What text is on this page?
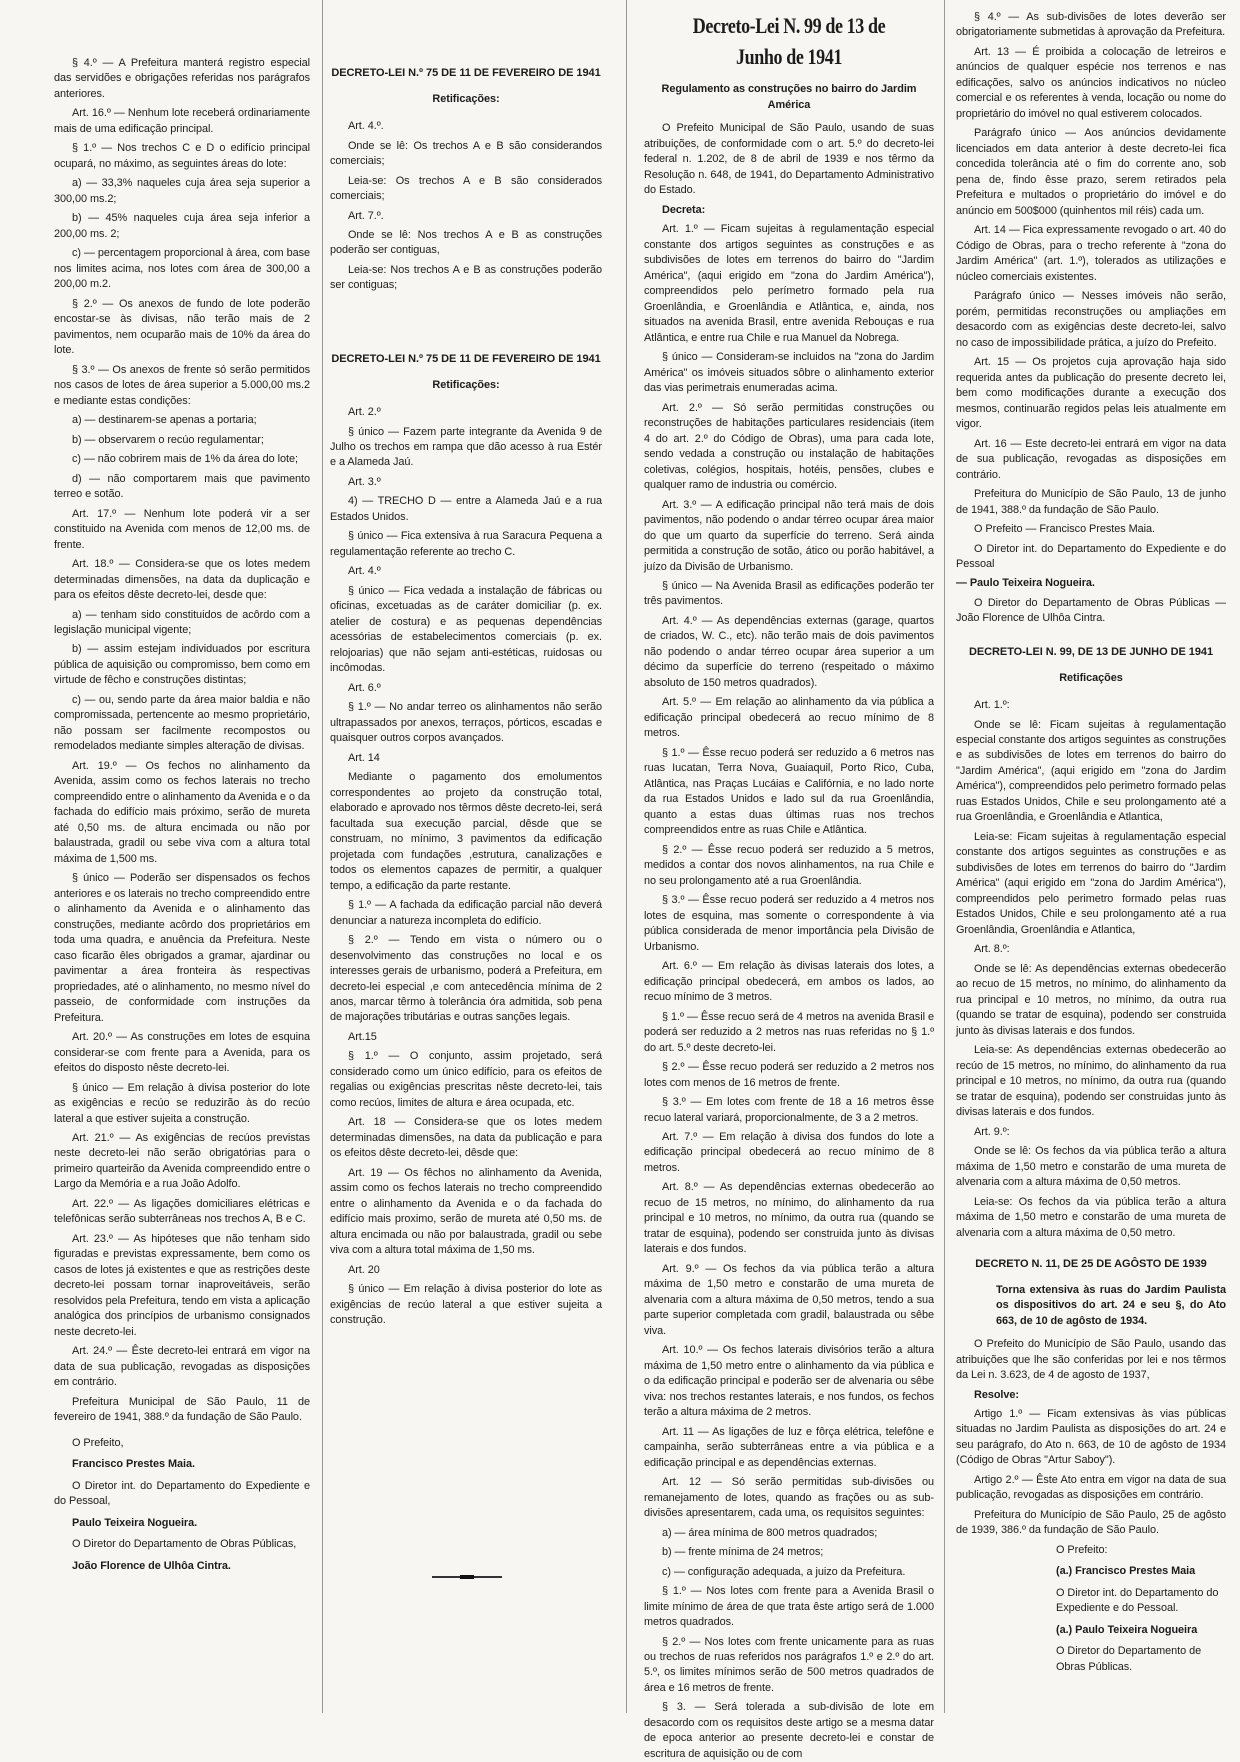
§ 4.º — A Prefeitura manterá registro especial das servidões e obrigações referidas nos parágrafos anteriores.

Art. 16.º — Nenhum lote receberá ordinariamente mais de uma edificação principal.

§ 1.º — Nos trechos C e D o edifício principal ocupará, no máximo, as seguintes áreas do lote:

a) — 33,3% naqueles cuja área seja superior a 300,00 ms.2;

b) — 45% naqueles cuja área seja inferior a 200,00 ms. 2;

c) — percentagem proporcional à área, com base nos limites acima, nos lotes com área de 300,00 a 200,00 m.2.

§ 2.º — Os anexos de fundo de lote poderão encostar-se às divisas, não terão mais de 2 pavimentos, nem ocuparão mais de 10% da área do lote.

§ 3.º — Os anexos de frente só serão permitidos nos casos de lotes de área superior a 5.000,00 ms.2 e mediante estas condições:

a) — destinarem-se apenas a portaria;

b) — observarem o recúo regulamentar;

c) — não cobrirem mais de 1% da área do lote;

d) — não comportarem mais que pavimento terreo e sotão.

Art. 17.º — Nenhum lote poderá vir a ser constituido na Avenida com menos de 12,00 ms. de frente.

Art. 18.º — Considera-se que os lotes medem determinadas dimensões, na data da duplicação e para os efeitos dêste decreto-lei, desde que:

a) — tenham sido constituidos de acôrdo com a legislação municipal vigente;

b) — assim estejam individuados por escritura pública de aquisição ou compromisso, bem como em virtude de fêcho e construções distintas;

c) — ou, sendo parte da área maior baldia e não compromissada, pertencente ao mesmo proprietário, não possam ser facilmente recompostos ou remodelados mediante simples alteração de divisas.

Art. 19.º — Os fechos no alinhamento da Avenida, assim como os fechos laterais no trecho compreendido entre o alinhamento da Avenida e o da fachada do edifício mais próximo, serão de mureta até 0,50 ms. de altura encimada ou não por balaustrada, gradil ou sebe viva com a altura total máxima de 1,500 ms.

§ único — Poderão ser dispensados os fechos anteriores e os laterais no trecho compreendido entre o alinhamento da Avenida e o alinhamento das construções, mediante acôrdo dos proprietários em toda uma quadra, e anuência da Prefeitura. Neste caso ficarão êles obrigados a gramar, ajardinar ou pavimentar a área fronteira às respectivas propriedades, até o alinhamento, no mesmo nível do passeio, de conformidade com instruções da Prefeitura.

Art. 20.º — As construções em lotes de esquina considerar-se com frente para a Avenida, para os efeitos do disposto nêste decreto-lei.

§ único — Em relação à divisa posterior do lote as exigências e recúo se reduzirão às do recúo lateral a que estiver sujeita a construção.

Art. 21.º — As exigências de recúos previstas neste decreto-lei não serão obrigatórias para o primeiro quarteirão da Avenida compreendido entre o Largo da Memória e a rua João Adolfo.

Art. 22.º — As ligações domiciliares elétricas e telefônicas serão subterrâneas nos trechos A, B e C.

Art. 23.º — As hipóteses que não tenham sido figuradas e previstas expressamente, bem como os casos de lotes já existentes e que as restrições deste decreto-lei possam tornar inaproveitáveis, serão resolvidos pela Prefeitura, tendo em vista a aplicação analógica dos princípios de urbanismo consignados neste decreto-lei.

Art. 24.º — Êste decreto-lei entrará em vigor na data de sua publicação, revogadas as disposições em contrário.

Prefeitura Municipal de São Paulo, 11 de fevereiro de 1941, 388.º da fundação de São Paulo.

O Prefeito,

Francisco Prestes Maia.

O Diretor int. do Departamento do Expediente e do Pessoal,

Paulo Teixeira Nogueira.

O Diretor do Departamento de Obras Públicas,

João Florence de Ulhôa Cintra.

DECRETO-LEI N.º 75 DE 11 DE FEVEREIRO DE 1941

Retificações:

Art. 4.º.

Onde se lê: Os trechos A e B são considerandos comerciais;

Leia-se: Os trechos A e B são considerados comerciais;

Art. 7.º.

Onde se lê: Nos trechos A e B as construções poderão ser contiguas,

Leia-se: Nos trechos A e B as construções poderão ser contiguas;

DECRETO-LEI N.º 75 DE 11 DE FEVEREIRO DE 1941

Retificações:

Art. 2.º

§ único — Fazem parte integrante da Avenida 9 de Julho os trechos em rampa que dão acesso à rua Estér e a Alameda Jaú.

Art. 3.º

4) — TRECHO D — entre a Alameda Jaú e a rua Estados Unidos.

§ único — Fica extensiva à rua Saracura Pequena a regulamentação referente ao trecho C.

Art. 4.º

§ único — Fica vedada a instalação de fábricas ou oficinas, excetuadas as de caráter domiciliar (p. ex. atelier de costura) e as pequenas dependências acessórias de estabelecimentos comerciais (p. ex. relojoarias) que não sejam anti-estéticas, ruidosas ou incômodas.

Art. 6.º

§ 1.º — No andar terreo os alinhamentos não serão ultrapassados por anexos, terraços, pórticos, escadas e quaisquer outros corpos avançados.

Art. 14

Mediante o pagamento dos emolumentos correspondentes ao projeto da construção total, elaborado e aprovado nos têrmos dêste decreto-lei, será facultada sua execução parcial, dêsde que se construam, no mínimo, 3 pavimentos da edificação projetada com fundações ,estrutura, canalizações e todos os elementos capazes de permitir, a qualquer tempo, a edificação da parte restante.

§ 1.º — A fachada da edificação parcial não deverá denunciar a natureza incompleta do edifício.

§ 2.º — Tendo em vista o número ou o desenvolvimento das construções no local e os interesses gerais de urbanismo, poderá a Prefeitura, em decreto-lei especial ,e com antecedência mínima de 2 anos, marcar têrmo à tolerância óra admitida, sob pena de majorações tributárias e outras sanções legais.

Art.15

§ 1.º — O conjunto, assim projetado, será considerado como um único edifício, para os efeitos de regalias ou exigências prescritas nêste decreto-lei, tais como recúos, limites de altura e área ocupada, etc.

Art. 18 — Considera-se que os lotes medem determinadas dimensões, na data da publicação e para os efeitos dêste decreto-lei, dêsde que:

Art. 19 — Os fêchos no alinhamento da Avenida, assim como os fechos laterais no trecho compreendido entre o alinhamento da Avenida e o da fachada do edifício mais proximo, serão de mureta até 0,50 ms. de altura encimada ou não por balaustrada, gradil ou sebe viva com a altura total máxima de 1,50 ms.

Art. 20

§ único — Em relação à divisa posterior do lote as exigências de recúo lateral a que estiver sujeita a construção.

Decreto-Lei N. 99 de 13 de Junho de 1941

Regulamento as construções no bairro do Jardim América

O Prefeito Municipal de São Paulo, usando de suas atribuições, de conformidade com o art. 5.º do decreto-lei federal n. 1.202, de 8 de abril de 1939 e nos têrmo da Resolução n. 648, de 1941, do Departamento Administrativo do Estado.

Decreta:

Art. 1.º — Ficam sujeitas à regulamentação especial constante dos artigos seguintes as construções e as subdivisões de lotes em terrenos do bairro do "Jardim América", (aqui erigido em "zona do Jardim América"), compreendidos pelo perímetro formado pela rua Groenlândia, e Groenlândia e Atlântica, e, ainda, nos situados na avenida Brasil, entre avenida Rebouças e rua Atlântica, e entre rua Chile e rua Manuel da Nobrega.

§ único — Consideram-se incluidos na "zona do Jardim América" os imóveis situados sôbre o alinhamento exterior das vias perimetrais enumeradas acima.

Art. 2.º — Só serão permitidas construções ou reconstruções de habitações particulares residenciais (item 4 do art. 2.º do Código de Obras), uma para cada lote, sendo vedada a construção ou instalação de habitações coletivas, colégios, hospitais, hotéis, pensões, clubes e qualquer ramo de industria ou comércio.

Art. 3.º — A edificação principal não terá mais de dois pavimentos, não podendo o andar térreo ocupar área maior do que um quarto da superfície do terreno. Será ainda permitida a construção de sotão, ático ou porão habitável, a juízo da Divisão de Urbanismo.

§ único — Na Avenida Brasil as edificações poderão ter três pavimentos.

Art. 4.º — As dependências externas (garage, quartos de criados, W. C., etc). não terão mais de dois pavimentos não podendo o andar térreo ocupar área superior a um décimo da superfície do terreno (respeitado o máximo absoluto de 150 metros quadrados).

Art. 5.º — Em relação ao alinhamento da via pública a edificação principal obedecerá ao recuo mínimo de 8 metros.

§ 1.º — Êsse recuo poderá ser reduzido a 6 metros nas ruas Iucatan, Terra Nova, Guaiaquil, Porto Rico, Cuba, Atlântica, nas Praças Lucáias e Califórnia, e no lado norte da rua Estados Unidos e lado sul da rua Groenlândia, quanto a estas duas últimas ruas nos trechos compreendidos entre as ruas Chile e Atlântica.

§ 2.º — Êsse recuo poderá ser reduzido a 5 metros, medidos a contar dos novos alinhamentos, na rua Chile e no seu prolongamento até a rua Groenlândia.

§ 3.º — Êsse recuo poderá ser reduzido a 4 metros nos lotes de esquina, mas somente o correspondente à via pública considerada de menor importância pela Divisão de Urbanismo.

Art. 6.º — Em relação às divisas laterais dos lotes, a edificação principal obedecerá, em ambos os lados, ao recuo mínimo de 3 metros.

§ 1.º — Êsse recuo será de 4 metros na avenida Brasil e poderá ser reduzido a 2 metros nas ruas referidas no § 1.º do art. 5.º deste decreto-lei.

§ 2.º — Êsse recuo poderá ser reduzido a 2 metros nos lotes com menos de 16 metros de frente.

§ 3.º — Em lotes com frente de 18 a 16 metros êsse recuo lateral variará, proporcionalmente, de 3 a 2 metros.

Art. 7.º — Em relação à divisa dos fundos do lote a edificação principal obedecerá ao recuo mínimo de 8 metros.

Art. 8.º — As dependências externas obedecerão ao recuo de 15 metros, no mínimo, do alinhamento da rua principal e 10 metros, no mínimo, da outra rua (quando se tratar de esquina), podendo ser construida junto às divisas laterais e dos fundos.

Art. 9.º — Os fechos da via pública terão a altura máxima de 1,50 metro e constarão de uma mureta de alvenaria com a altura máxima de 0,50 metros, tendo a sua parte superior completada com gradil, balaustrada ou sêbe viva.

Art. 10.º — Os fechos laterais divisórios terão a altura máxima de 1,50 metro entre o alinhamento da via pública e o da edificação principal e poderão ser de alvenaria ou sêbe viva: nos trechos restantes laterais, e nos fundos, os fechos terão a altura máxima de 2 metros.

Art. 11 — As ligações de luz e fôrça elétrica, telefône e campainha, serão subterrâneas entre a via pública e a edificação principal e as dependências externas.

Art. 12 — Só serão permitidas sub-divisões ou remanejamento de lotes, quando as frações ou as sub-divisões apresentarem, cada uma, os requisitos seguintes:

a) — área mínima de 800 metros quadrados;

b) — frente mínima de 24 metros;

c) — configuração adequada, a juizo da Prefeitura.

§ 1.º — Nos lotes com frente para a Avenida Brasil o limite mínimo de área de que trata êste artigo será de 1.000 metros quadrados.

§ 2.º — Nos lotes com frente unicamente para as ruas ou trechos de ruas referidos nos parágrafos 1.º e 2.º do art. 5.º, os limites mínimos serão de 500 metros quadrados de área e 16 metros de frente.

§ 3. — Será tolerada a sub-divisão de lote em desacordo com os requisitos deste artigo se a mesma datar de epoca anterior ao presente decreto-lei e constar de escritura de aquisição ou de com

§ 4.º — As sub-divisões de lotes deverão ser obrigatoriamente submetidas à aprovação da Prefeitura.

Art. 13 — É proibida a colocação de letreiros e anúncios de qualquer espécie nos terrenos e nas edificações, salvo os anúncios indicativos no núcleo comercial e os referentes à venda, locação ou nome do proprietário do imóvel no qual estiverem colocados.

Parágrafo único — Aos anúncios devidamente licenciados em data anterior à deste decreto-lei fica concedida tolerância até o fim do corrente ano, sob pena de, findo êsse prazo, serem retirados pela Prefeitura e multados o proprietário do imóvel e do anúncio em 500$000 (quinhentos mil réis) cada um.

Art. 14 — Fica expressamente revogado o art. 40 do Código de Obras, para o trecho referente à "zona do Jardim América" (art. 1.º), tolerados as utilizações e núcleo comerciais existentes.

Parágrafo único — Nesses imóveis não serão, porém, permitidas reconstruções ou ampliações em desacordo com as exigências deste decreto-lei, salvo no caso de impossibilidade prática, a juízo do Prefeito.

Art. 15 — Os projetos cuja aprovação haja sido requerida antes da publicação do presente decreto lei, bem como modificações durante a execução dos mesmos, continuarão regidos pelas leis atualmente em vigor.

Art. 16 — Este decreto-lei entrará em vigor na data de sua publicação, revogadas as disposições em contrário.

Prefeitura do Município de São Paulo, 13 de junho de 1941, 388.º da fundação de São Paulo.

O Prefeito — Francisco Prestes Maia.

O Diretor int. do Departamento do Expediente e do Pessoal

— Paulo Teixeira Nogueira.

O Diretor do Departamento de Obras Públicas — João Florence de Ulhôa Cintra.

DECRETO-LEI N. 99, DE 13 DE JUNHO DE 1941

Retificações

Art. 1.º:

Onde se lê: Ficam sujeitas à regulamentação especial constante dos artigos seguintes as construções e as subdivisões de lotes em terrenos do bairro do "Jardim América", (aqui erigido em "zona do Jardim América"), compreendidos pelo perimetro formado pelas ruas Estados Unidos, Chile e seu prolongamento até a rua Groenlândia, e Groenlândia e Atlantica,

Leia-se: Ficam sujeitas à regulamentação especial constante dos artigos seguintes as construções e as subdivisões de lotes em terrenos do bairro do "Jardim América" (aqui erigido em "zona do Jardim América"), compreendidos pelo perimetro formado pelas ruas Estados Unidos, Chile e seu prolongamento até a rua Groenlândia, Groenlândia e Atlantica,

Art. 8.º:

Onde se lê: As dependências externas obedecerão ao recuo de 15 metros, no mínimo, do alinhamento da rua principal e 10 metros, no mínimo, da outra rua (quando se tratar de esquina), podendo ser construida junto às divisas laterais e dos fundos.

Leia-se: As dependências externas obedecerão ao recúo de 15 metros, no mínimo, do alinhamento da rua principal e 10 metros, no mínimo, da outra rua (quando se tratar de esquina), podendo ser construidas junto às divisas laterais e dos fundos.

Art. 9.º:

Onde se lê: Os fechos da via pública terão a altura máxima de 1,50 metro e constarão de uma mureta de alvenaria com a altura máxima de 0,50 metros.

Leia-se: Os fechos da via pública terão a altura máxima de 1,50 metro e constarão de uma mureta de alvenaria com a altura máxima de 0,50 metro.

DECRETO N. 11, DE 25 DE AGÔSTO DE 1939

Torna extensiva às ruas do Jardim Paulista os dispositivos do art. 24 e seu §, do Ato 663, de 10 de agôsto de 1934.

O Prefeito do Município de São Paulo, usando das atribuições que lhe são conferidas por lei e nos têrmos da Lei n. 3.623, de 4 de agosto de 1937,

Resolve:

Artigo 1.º — Ficam extensivas às vias públicas situadas no Jardim Paulista as disposições do art. 24 e seu parágrafo, do Ato n. 663, de 10 de agôsto de 1934 (Código de Obras "Artur Saboy").

Artigo 2.º — Êste Ato entra em vigor na data de sua publicação, revogadas as disposições em contrário.

Prefeitura do Município de São Paulo, 25 de agôsto de 1939, 386.º da fundação de São Paulo.

O Prefeito:

(a.) Francisco Prestes Maia

O Diretor int. do Departamento do Expediente e do Pessoal.

(a.) Paulo Teixeira Nogueira

O Diretor do Departamento de Obras Públicas.
